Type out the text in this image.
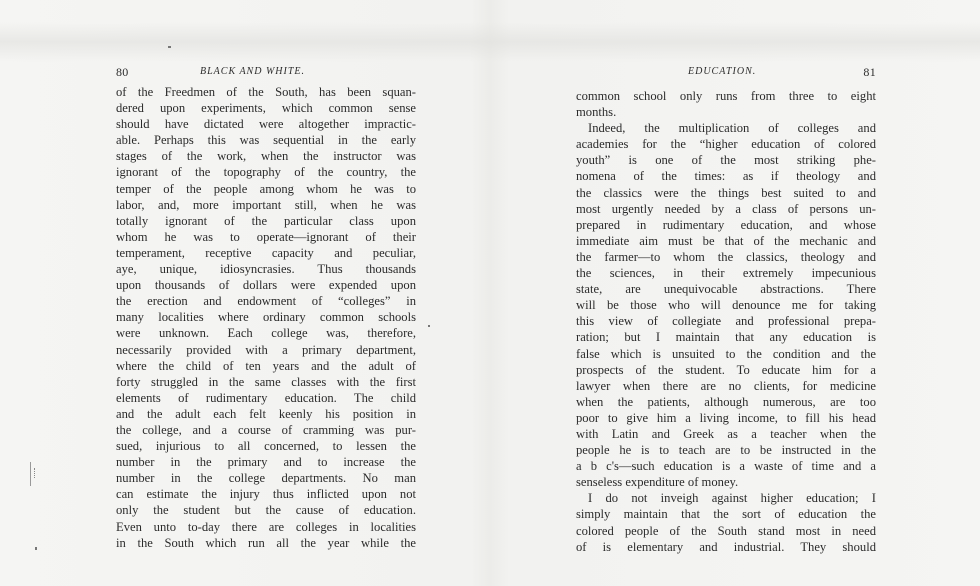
80	BLACK AND WHITE.
of the Freedmen of the South, has been squan-
dered upon experiments, which common sense
should have dictated were altogether impractic-
able. Perhaps this was sequential in the early
stages of the work, when the instructor was
ignorant of the topography of the country, the
temper of the people among whom he was to
labor, and, more important still, when he was
totally ignorant of the particular class upon
whom he was to operate—ignorant of their
temperament, receptive capacity and peculiar,
aye, unique, idiosyncrasies. Thus thousands
upon thousands of dollars were expended upon
the erection and endowment of “colleges” in
many localities where ordinary common schools
were unknown. Each college was, therefore,
necessarily provided with a primary department,
where the child of ten years and the adult of
forty struggled in the same classes with the first
elements of rudimentary education. The child
and the adult each felt keenly his position in
the college, and a course of cramming was pur-
sued, injurious to all concerned, to lessen the
number in the primary and to increase the
number in the college departments. No man
can estimate the injury thus inflicted upon not
only the student but the cause of education.
Even unto to-day there are colleges in localities
in the South which run all the year while the
EDUCATION.	81
common school only runs from three to eight
months.
Indeed, the multiplication of colleges and
academies for the “higher education of colored
youth” is one of the most striking phe-
nomena of the times: as if theology and
the classics were the things best suited to and
most urgently needed by a class of persons un-
prepared in rudimentary education, and whose
immediate aim must be that of the mechanic and
the farmer—to whom the classics, theology and
the sciences, in their extremely impecunious
state, are unequivocable abstractions. There
will be those who will denounce me for taking
this view of collegiate and professional prepa-
ration; but I maintain that any education is
false which is unsuited to the condition and the
prospects of the student. To educate him for a
lawyer when there are no clients, for medicine
when the patients, although numerous, are too
poor to give him a living income, to fill his head
with Latin and Greek as a teacher when the
people he is to teach are to be instructed in the
a b c's—such education is a waste of time and a
senseless expenditure of money.
I do not inveigh against higher education; I
simply maintain that the sort of education the
colored people of the South stand most in need
of is elementary and industrial. They should
